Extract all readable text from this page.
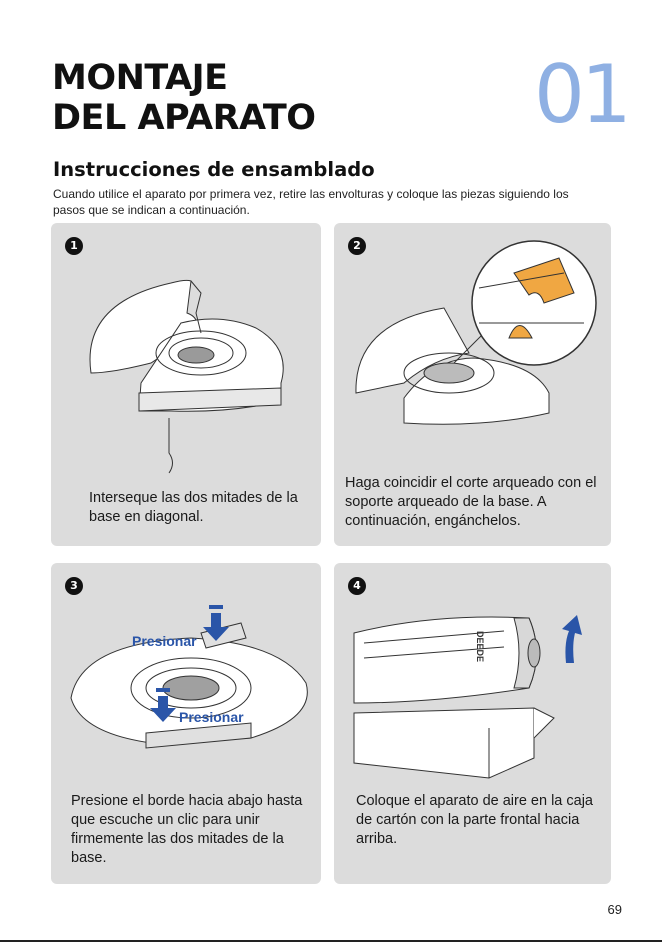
MONTAJE
DEL APARATO	01
Instrucciones de ensamblado

Cuando utilice el aparato por primera vez, retire las envolturas y coloque las piezas siguiendo los pasos que se indican a continuación.

1

Interseque las dos mitades de la base en diagonal.

2

Haga coincidir el corte arqueado con el soporte arqueado de la base. A continuación, engánchelos.

3
Presionar
Presionar

Presione el borde hacia abajo hasta que escuche un clic para unir firmemente las dos mitades de la base.

4
DEEDE

Coloque el aparato de aire en la caja de cartón con la parte frontal hacia arriba.

69
